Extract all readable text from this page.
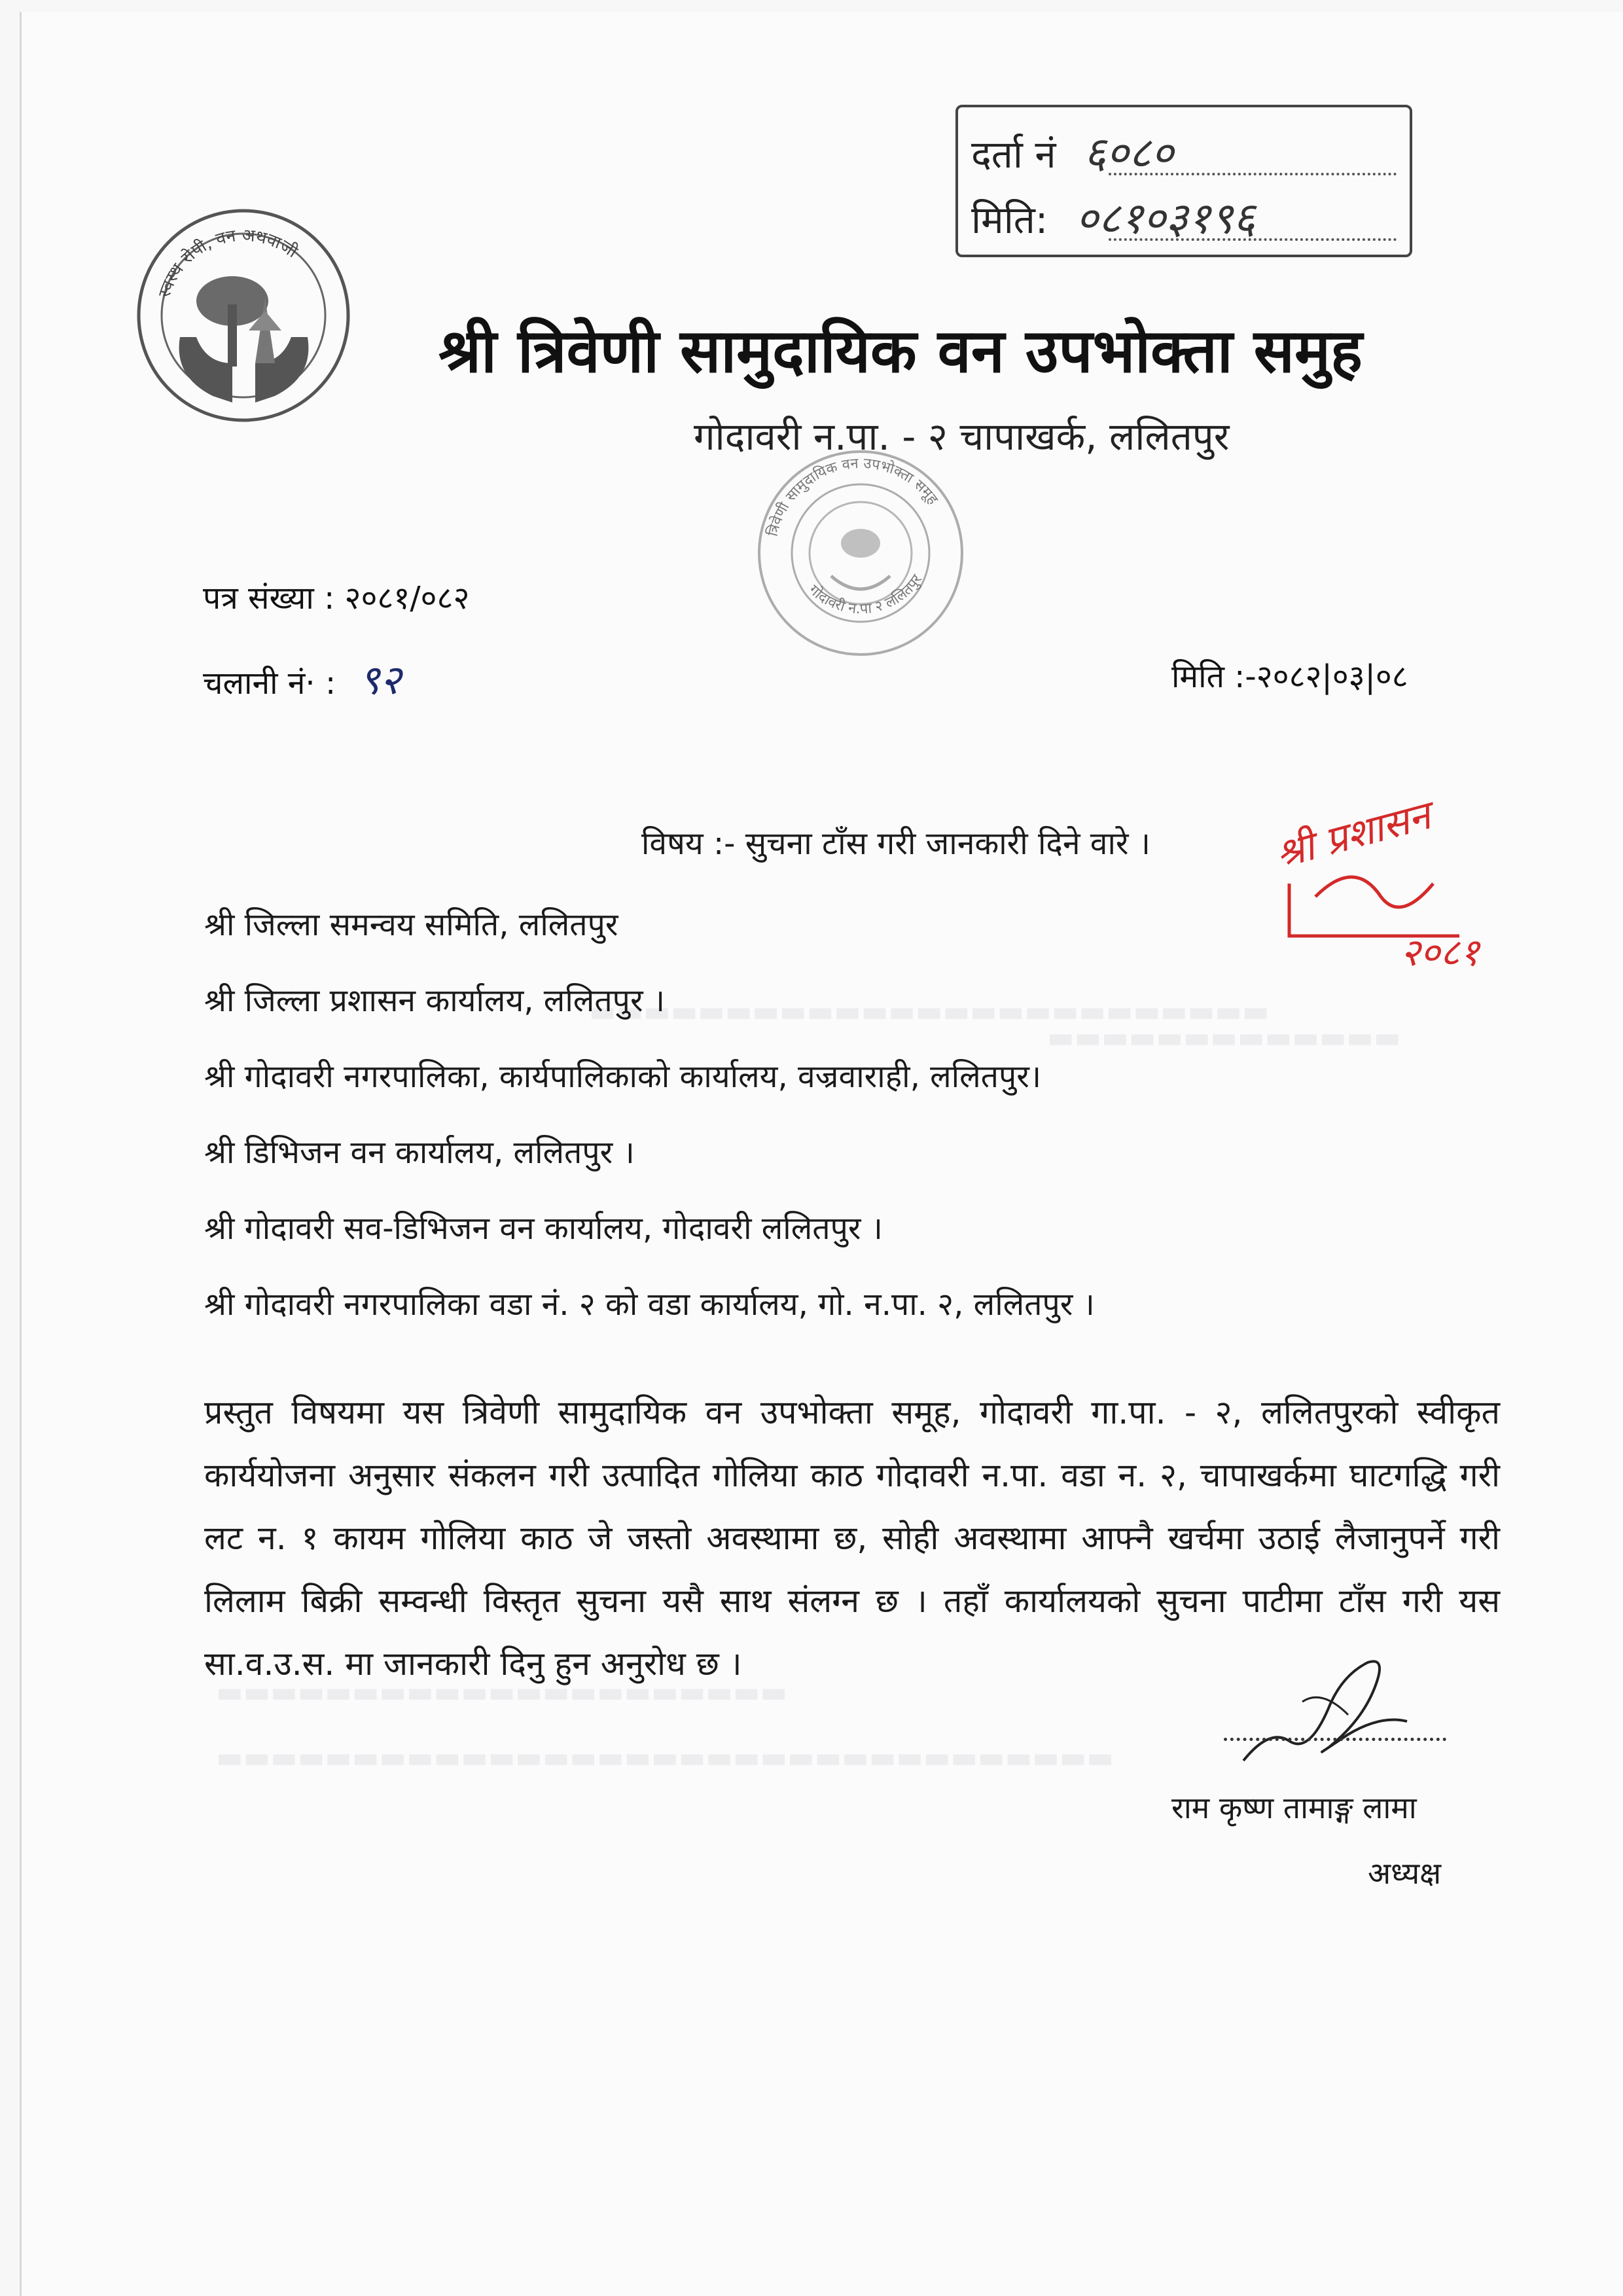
▬▬▬▬▬▬▬▬▬▬▬▬▬▬▬▬▬▬▬▬▬▬▬▬▬
▬▬▬▬▬▬▬▬▬▬▬▬▬
▬▬▬▬▬▬▬▬▬▬▬▬▬▬▬▬▬▬▬▬▬
▬▬▬▬▬▬▬▬▬▬▬▬▬▬▬▬▬▬▬▬▬▬▬▬▬▬▬▬▬▬▬▬▬
दर्ता नं ६०८०
मिति: ०८१०३१९६
स्वस्थ रोपी, वन अथवाजी
श्री त्रिवेणी सामुदायिक वन उपभोक्ता समुह
गोदावरी न.पा. - २ चापाखर्क, ललितपुर
त्रिवेणी सामुदायिक वन उपभोक्ता समूह
गोदावरी न.पा २ ललितपुर
पत्र संख्या : २०८१/०८२
चलानी नं· : ९२	मिति :-२०८२|०३|०८
श्री प्रशासन
२०८१
विषय :- सुचना टाँस गरी जानकारी दिने वारे ।
श्री जिल्ला समन्वय समिति, ललितपुर
श्री जिल्ला प्रशासन कार्यालय, ललितपुर ।
श्री गोदावरी नगरपालिका, कार्यपालिकाको कार्यालय, वज्रवाराही, ललितपुर।
श्री डिभिजन वन कार्यालय, ललितपुर ।
श्री गोदावरी सव-डिभिजन वन कार्यालय, गोदावरी ललितपुर ।
श्री गोदावरी नगरपालिका वडा नं. २ को वडा कार्यालय, गो. न.पा. २, ललितपुर ।
प्रस्तुत विषयमा यस त्रिवेणी सामुदायिक वन उपभोक्ता समूह, गोदावरी गा.पा. - २, ललितपुरको स्वीकृत कार्ययोजना अनुसार संकलन गरी उत्पादित गोलिया काठ गोदावरी न.पा. वडा न. २, चापाखर्कमा घाटगद्धि गरी लट न. १ कायम गोलिया काठ जे जस्तो अवस्थामा छ, सोही अवस्थामा आफ्नै खर्चमा उठाई लैजानुपर्ने गरी लिलाम बिक्री सम्वन्धी विस्तृत सुचना यसै साथ संलग्न छ । तहाँ कार्यालयको सुचना पाटीमा टाँस गरी यस सा.व.उ.स. मा जानकारी दिनु हुन अनुरोध छ ।
राम कृष्ण तामाङ्ग लामा
अध्यक्ष
